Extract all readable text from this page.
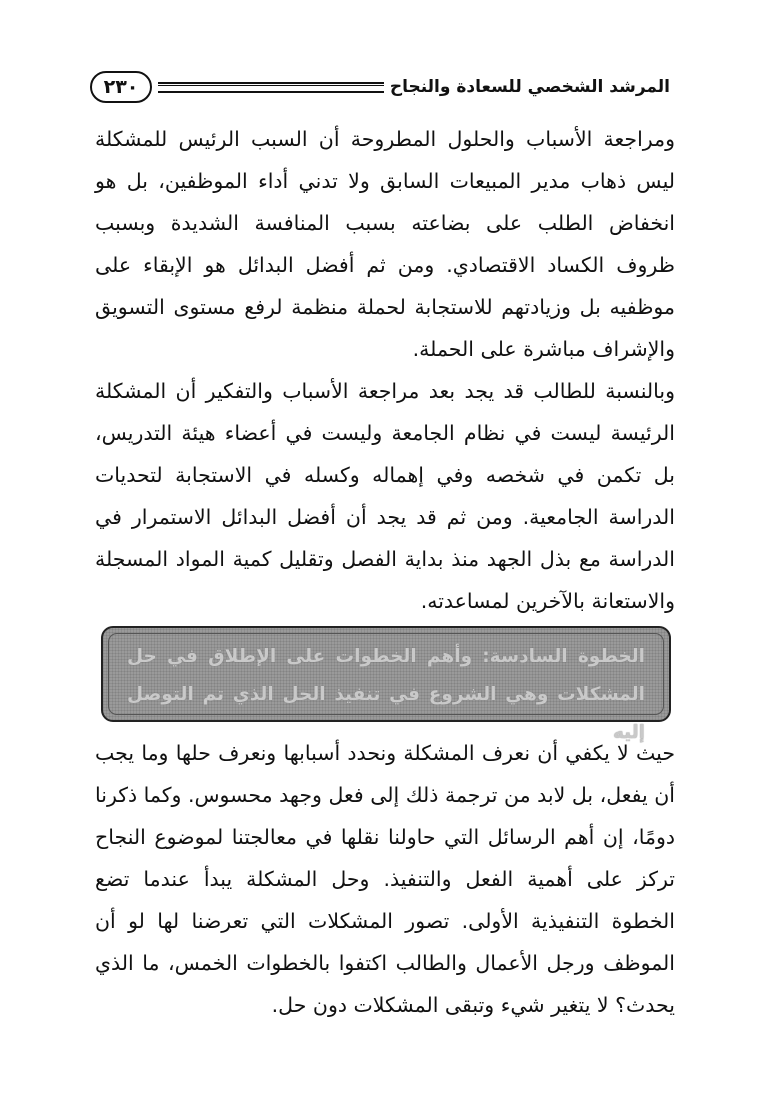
المرشد الشخصي للسعادة والنجاح
٢٣٠

ومراجعة الأسباب والحلول المطروحة أن السبب الرئيس للمشكلة ليس ذهاب مدير المبيعات السابق ولا تدني أداء الموظفين، بل هو انخفاض الطلب على بضاعته بسبب المنافسة الشديدة وبسبب ظروف الكساد الاقتصادي. ومن ثم أفضل البدائل هو الإبقاء على موظفيه بل وزيادتهم للاستجابة لحملة منظمة لرفع مستوى التسويق والإشراف مباشرة على الحملة.

وبالنسبة للطالب قد يجد بعد مراجعة الأسباب والتفكير أن المشكلة الرئيسة ليست في نظام الجامعة وليست في أعضاء هيئة التدريس، بل تكمن في شخصه وفي إهماله وكسله في الاستجابة لتحديات الدراسة الجامعية. ومن ثم قد يجد أن أفضل البدائل الاستمرار في الدراسة مع بذل الجهد منذ بداية الفصل وتقليل كمية المواد المسجلة والاستعانة بالآخرين لمساعدته.

الخطوة السادسة: وأهم الخطوات على الإطلاق في حل المشكلات وهي الشروع في تنفيذ الحل الذي تم التوصل إليه

حيث لا يكفي أن نعرف المشكلة ونحدد أسبابها ونعرف حلها وما يجب أن يفعل، بل لابد من ترجمة ذلك إلى فعل وجهد محسوس. وكما ذكرنا دومًا، إن أهم الرسائل التي حاولنا نقلها في معالجتنا لموضوع النجاح تركز على أهمية الفعل والتنفيذ. وحل المشكلة يبدأ عندما تضع الخطوة التنفيذية الأولى. تصور المشكلات التي تعرضنا لها لو أن الموظف ورجل الأعمال والطالب اكتفوا بالخطوات الخمس، ما الذي يحدث؟ لا يتغير شيء وتبقى المشكلات دون حل.
